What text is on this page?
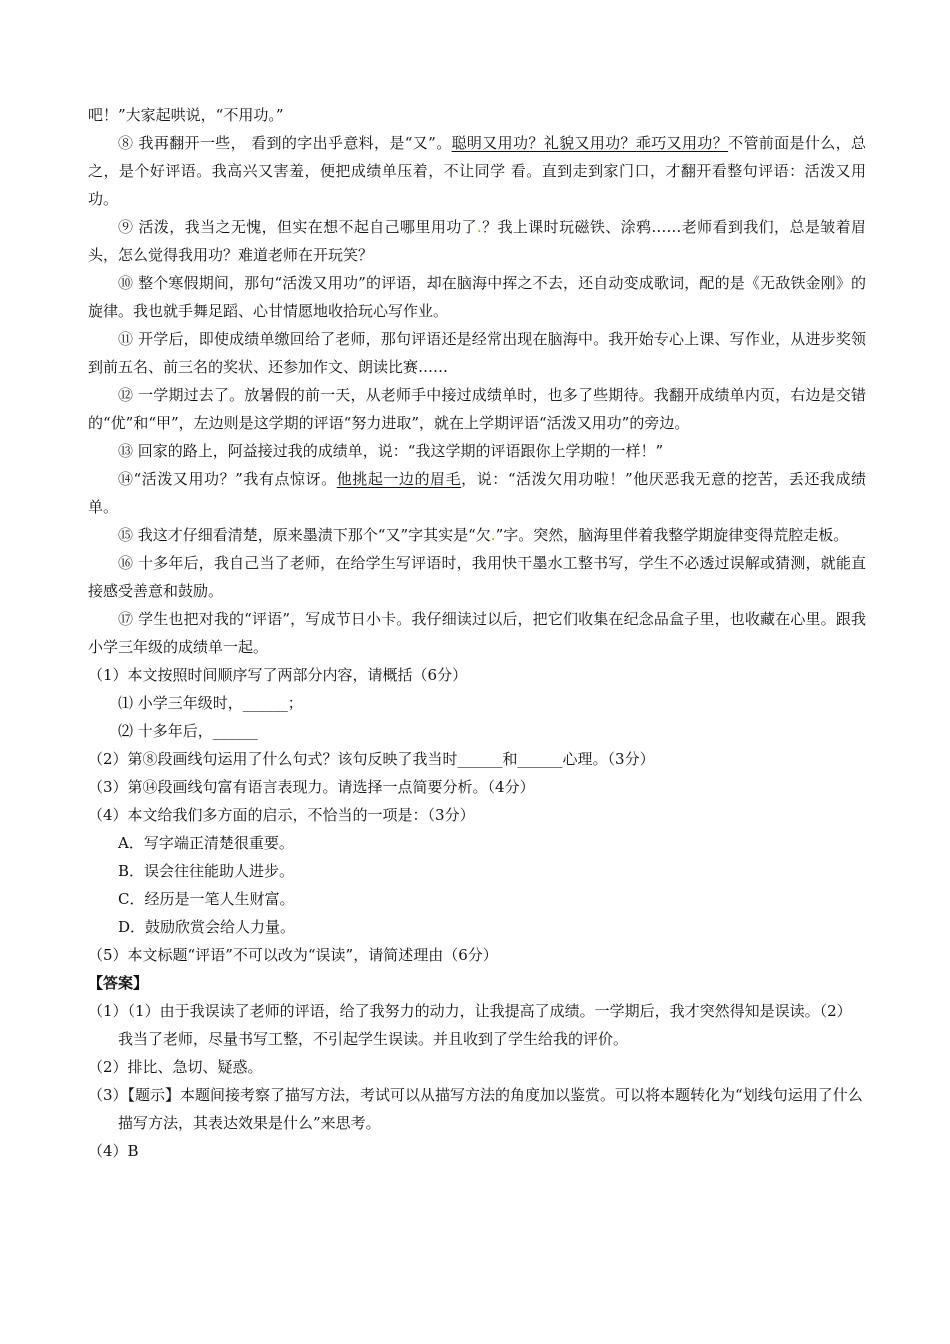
吧！”大家起哄说，“不用功。”

⑧ 我再翻开一些， 看到的字出乎意料，是“又”。聪明又用功？礼貌又用功？乖巧又用功？不管前面是什么，总之，是个好评语。我高兴又害羞，便把成绩单压着，不让同学 看。直到走到家门口，才翻开看整句评语：活泼又用功。

⑨ 活泼，我当之无愧，但实在想不起自己哪里用功了.？我上课时玩磁铁、涂鸦……老师看到我们，总是皱着眉头，怎么觉得我用功？难道老师在开玩笑？

⑩ 整个寒假期间，那句“活泼又用功”的评语，却在脑海中挥之不去，还自动变成歌词，配的是《无敌铁金刚》的旋律。我也就手舞足蹈、心甘情愿地收拾玩心写作业。

⑪ 开学后，即使成绩单缴回给了老师，那句评语还是经常出现在脑海中。我开始专心上课、写作业，从进步奖领到前五名、前三名的奖状、还参加作文、朗读比赛……

⑫ 一学期过去了。放暑假的前一天，从老师手中接过成绩单时，也多了些期待。我翻开成绩单内页，右边是交错的“优”和“甲”，左边则是这学期的评语“努力进取”，就在上学期评语“活泼又用功”的旁边。

⑬ 回家的路上，阿益接过我的成绩单，说：“我这学期的评语跟你上学期的一样！”

⑭“活泼又用功？”我有点惊讶。他挑起一边的眉毛，说：“活泼欠用功啦！”他厌恶我无意的挖苦，丢还我成绩单。

⑮ 我这才仔细看清楚，原来墨渍下那个“又”字其实是“欠.”字。突然，脑海里伴着我整学期旋律变得荒腔走板。

⑯ 十多年后，我自己当了老师，在给学生写评语时，我用快干墨水工整书写，学生不必透过误解或猜测，就能直接感受善意和鼓励。

⑰ 学生也把对我的“评语”，写成节日小卡。我仔细读过以后，把它们收集在纪念品盒子里，也收藏在心里。跟我小学三年级的成绩单一起。

（1）本文按照时间顺序写了两部分内容，请概括（6分）

⑴ 小学三年级时，______；

⑵ 十多年后，______

（2）第⑧段画线句运用了什么句式？该句反映了我当时______和______心理。（3分）

（3）第⑭段画线句富有语言表现力。请选择一点简要分析。（4分）

（4）本文给我们多方面的启示，不恰当的一项是：（3分）

A．写字端正清楚很重要。

B．误会往往能助人进步。

C．经历是一笔人生财富。

D．鼓励欣赏会给人力量。

（5）本文标题“评语”不可以改为“误读”，请简述理由（6分）

【答案】

（1）（1）由于我误读了老师的评语，给了我努力的动力，让我提高了成绩。一学期后，我才突然得知是误读。（2）我当了老师，尽量书写工整，不引起学生误读。并且收到了学生给我的评价。

（2）排比、急切、疑惑。

（3）【题示】本题间接考察了描写方法，考试可以从描写方法的角度加以鉴赏。可以将本题转化为“划线句运用了什么描写方法，其表达效果是什么”来思考。

（4）B
